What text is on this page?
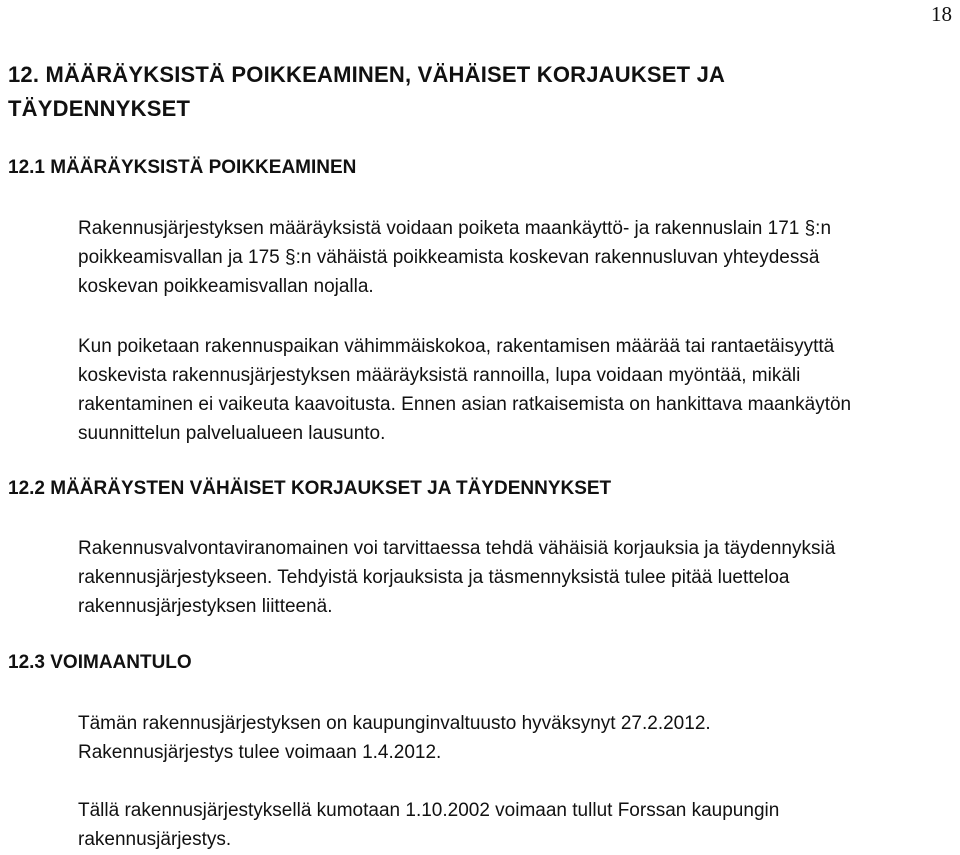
18
12. MÄÄRÄYKSISTÄ POIKKEAMINEN, VÄHÄISET KORJAUKSET JA
TÄYDENNYKSET
12.1 MÄÄRÄYKSISTÄ POIKKEAMINEN

Rakennusjärjestyksen määräyksistä voidaan poiketa maankäyttö- ja rakennuslain 171 §:n
poikkeamisvallan ja 175 §:n vähäistä poikkeamista koskevan rakennusluvan yhteydessä
koskevan poikkeamisvallan nojalla.

Kun poiketaan rakennuspaikan vähimmäiskokoa, rakentamisen määrää tai rantaetäisyyttä
koskevista rakennusjärjestyksen määräyksistä rannoilla, lupa voidaan myöntää, mikäli
rakentaminen ei vaikeuta kaavoitusta. Ennen asian ratkaisemista on hankittava maankäytön
suunnittelun palvelualueen lausunto.

12.2 MÄÄRÄYSTEN VÄHÄISET KORJAUKSET JA TÄYDENNYKSET

Rakennusvalvontaviranomainen voi tarvittaessa tehdä vähäisiä korjauksia ja täydennyksiä
rakennusjärjestykseen. Tehdyistä korjauksista ja täsmennyksistä tulee pitää luetteloa
rakennusjärjestyksen liitteenä.

12.3 VOIMAANTULO

Tämän rakennusjärjestyksen on kaupunginvaltuusto hyväksynyt 27.2.2012.
Rakennusjärjestys tulee voimaan 1.4.2012.

Tällä rakennusjärjestyksellä kumotaan 1.10.2002 voimaan tullut Forssan kaupungin
rakennusjärjestys.
